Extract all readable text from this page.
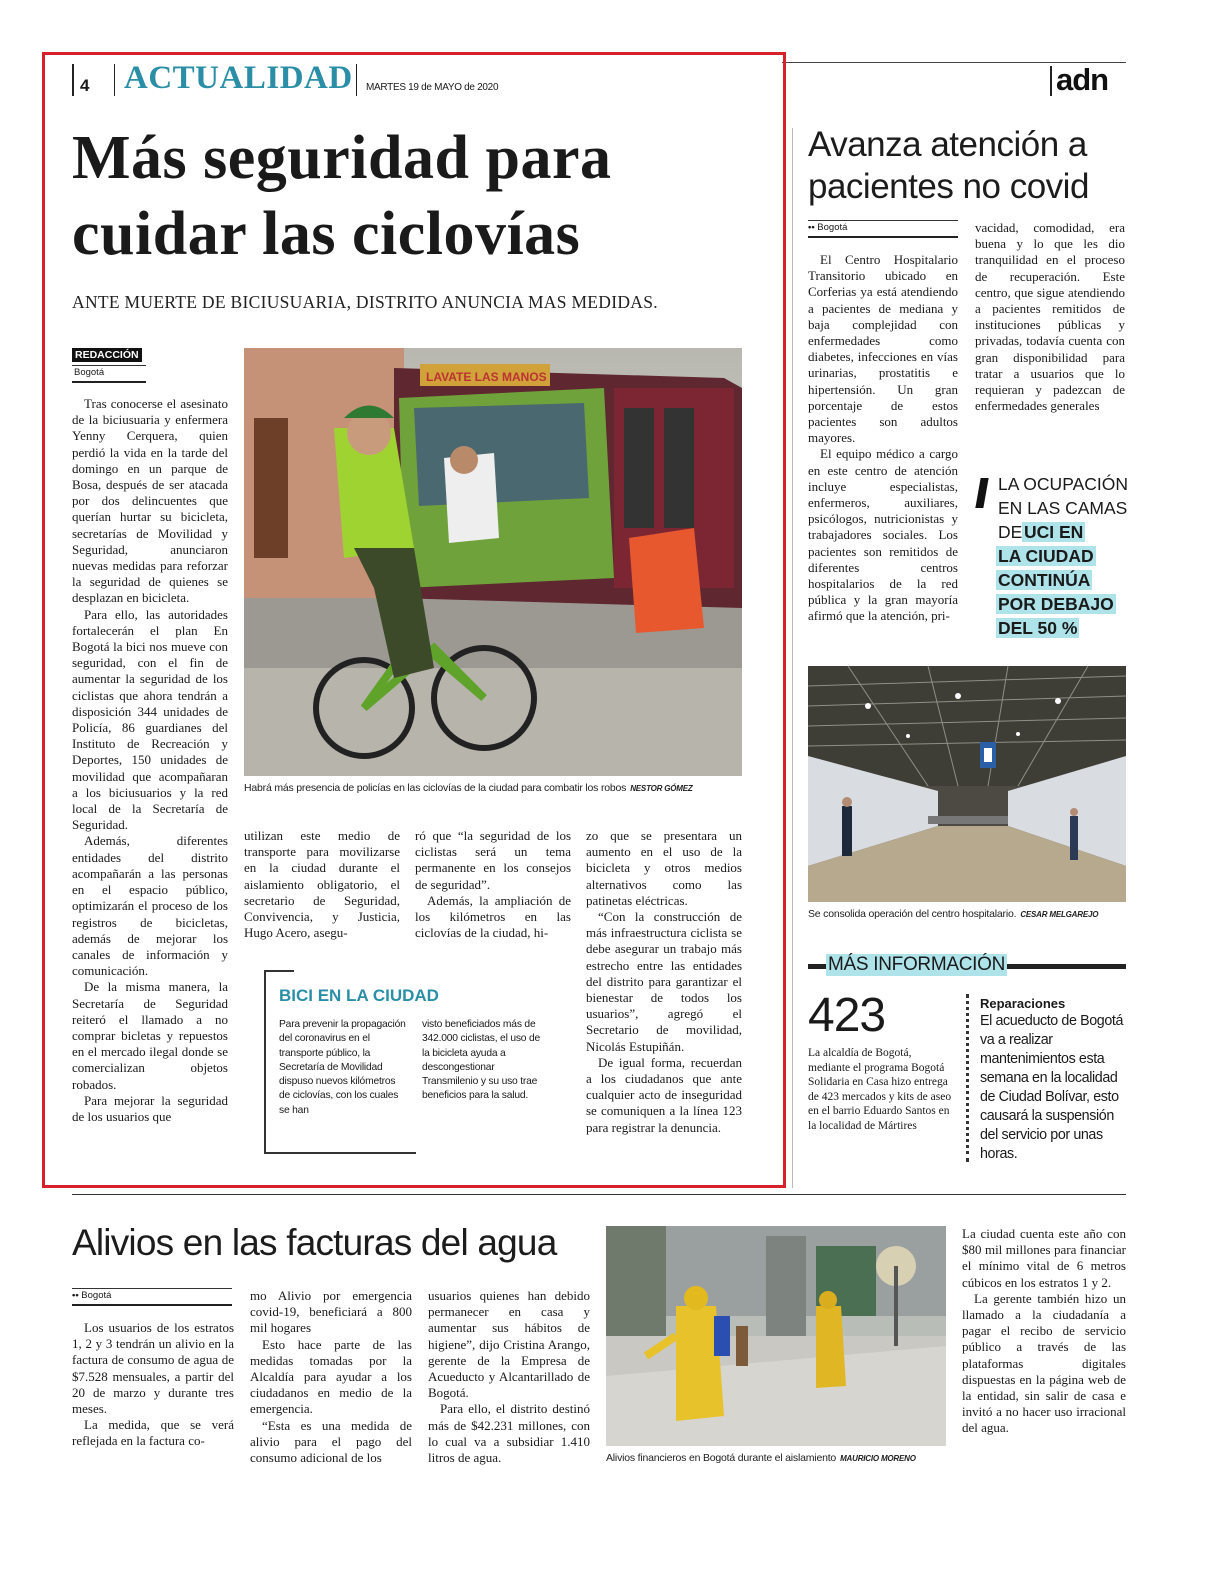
4 ACTUALIDAD MARTES 19 de MAYO de 2020	adn
Más seguridad para
cuidar las ciclovías
ANTE MUERTE DE BICIUSUARIA, DISTRITO ANUNCIA MAS MEDIDAS.
REDACCIÓN
Bogotá

Tras conocerse el asesinato de la biciusuaria y enfermera Yenny Cerquera, quien perdió la vida en la tarde del domingo en un parque de Bosa, después de ser atacada por dos delincuentes que querían hurtar su bicicleta, secretarías de Movilidad y Seguridad, anunciaron nuevas medidas para reforzar la seguridad de quienes se desplazan en bicicleta.

Para ello, las autoridades fortalecerán el plan En Bogotá la bici nos mueve con seguridad, con el fin de aumentar la seguridad de los ciclistas que ahora tendrán a disposición 344 unidades de Policía, 86 guardianes del Instituto de Recreación y Deportes, 150 unidades de movilidad que acompañaran a los biciusuarios y la red local de la Secretaría de Seguridad.

Además, diferentes entidades del distrito acompañarán a las personas en el espacio público, optimizarán el proceso de los registros de bicicletas, además de mejorar los canales de información y comunicación.

De la misma manera, la Secretaría de Seguridad reiteró el llamado a no comprar bicletas y repuestos en el mercado ilegal donde se comercializan objetos robados.

Para mejorar la seguridad de los usuarios que

LAVATE LAS MANOS
Habrá más presencia de policías en las ciclovías de la ciudad para combatir los robos NESTOR GÓMEZ

utilizan este medio de transporte para movilizarse en la ciudad durante el aislamiento obligatorio, el secretario de Seguridad, Convivencia, y Justicia, Hugo Acero, asegu-

ró que “la seguridad de los ciclistas será un tema permanente en los consejos de seguridad”.

Además, la ampliación de los kilómetros en las ciclovías de la ciudad, hi-

zo que se presentara un aumento en el uso de la bicicleta y otros medios alternativos como las patinetas eléctricas.

“Con la construcción de más infraestructura ciclista se debe asegurar un trabajo más estrecho entre las entidades del distrito para garantizar el bienestar de todos los usuarios”, agregó el Secretario de movilidad, Nicolás Estupiñán.

De igual forma, recuerdan a los ciudadanos que ante cualquier acto de inseguridad se comuniquen a la línea 123 para registrar la denuncia.

BICI EN LA CIUDAD
Para prevenir la propagación del coronavirus en el transporte público, la Secretaría de Movilidad dispuso nuevos kilómetros de ciclovías, con los cuales se han
visto beneficiados más de 342.000 ciclistas, el uso de la bicicleta ayuda a descongestionar Transmilenio y su uso trae beneficios para la salud.
Avanza atención a
pacientes no covid
•• Bogotá

El Centro Hospitalario Transitorio ubicado en Corferias ya está atendiendo a pacientes de mediana y baja complejidad con enfermedades como diabetes, infecciones en vías urinarias, prostatitis e hipertensión. Un gran porcentaje de estos pacientes son adultos mayores.

El equipo médico a cargo en este centro de atención incluye especialistas, enfermeros, auxiliares, psicólogos, nutricionistas y trabajadores sociales. Los pacientes son remitidos de diferentes centros hospitalarios de la red pública y la gran mayoría afirmó que la atención, pri-

vacidad, comodidad, era buena y lo que les dio tranquilidad en el proceso de recuperación. Este centro, que sigue atendiendo a pacientes remitidos de instituciones públicas y privadas, todavía cuenta con gran disponibilidad para tratar a usuarios que lo requieran y padezcan de enfermedades generales

LA OCUPACIÓN
EN LAS CAMAS
DE UCI EN
LA CIUDAD
CONTINÚA
POR DEBAJO
DEL 50 %
Se consolida operación del centro hospitalario. CESAR MELGAREJO
MÁS INFORMACIÓN
423
La alcaldía de Bogotá, mediante el programa Bogotá Solidaria en Casa hizo entrega de 423 mercados y kits de aseo en el barrio Eduardo Santos en la localidad de Mártires
Reparaciones
El acueducto de Bogotá va a realizar mantenimientos esta semana en la localidad de Ciudad Bolívar, esto causará la suspensión del servicio por unas horas.
Alivios en las facturas del agua
•• Bogotá

Los usuarios de los estratos 1, 2 y 3 tendrán un alivio en la factura de consumo de agua de $7.528 mensuales, a partir del 20 de marzo y durante tres meses.

La medida, que se verá reflejada en la factura co-

mo Alivio por emergencia covid-19, beneficiará a 800 mil hogares

Esto hace parte de las medidas tomadas por la Alcaldía para ayudar a los ciudadanos en medio de la emergencia.

“Esta es una medida de alivio para el pago del consumo adicional de los

usuarios quienes han debido permanecer en casa y aumentar sus hábitos de higiene”, dijo Cristina Arango, gerente de la Empresa de Acueducto y Alcantarillado de Bogotá.

Para ello, el distrito destinó más de $42.231 millones, con lo cual va a subsidiar 1.410 litros de agua.	Alivios financieros en Bogotá durante el aislamiento MAURICIO MORENO

La ciudad cuenta este año con $80 mil millones para financiar el mínimo vital de 6 metros cúbicos en los estratos 1 y 2.

La gerente también hizo un llamado a la ciudadanía a pagar el recibo de servicio público a través de las plataformas digitales dispuestas en la página web de la entidad, sin salir de casa e invitó a no hacer uso irracional del agua.
